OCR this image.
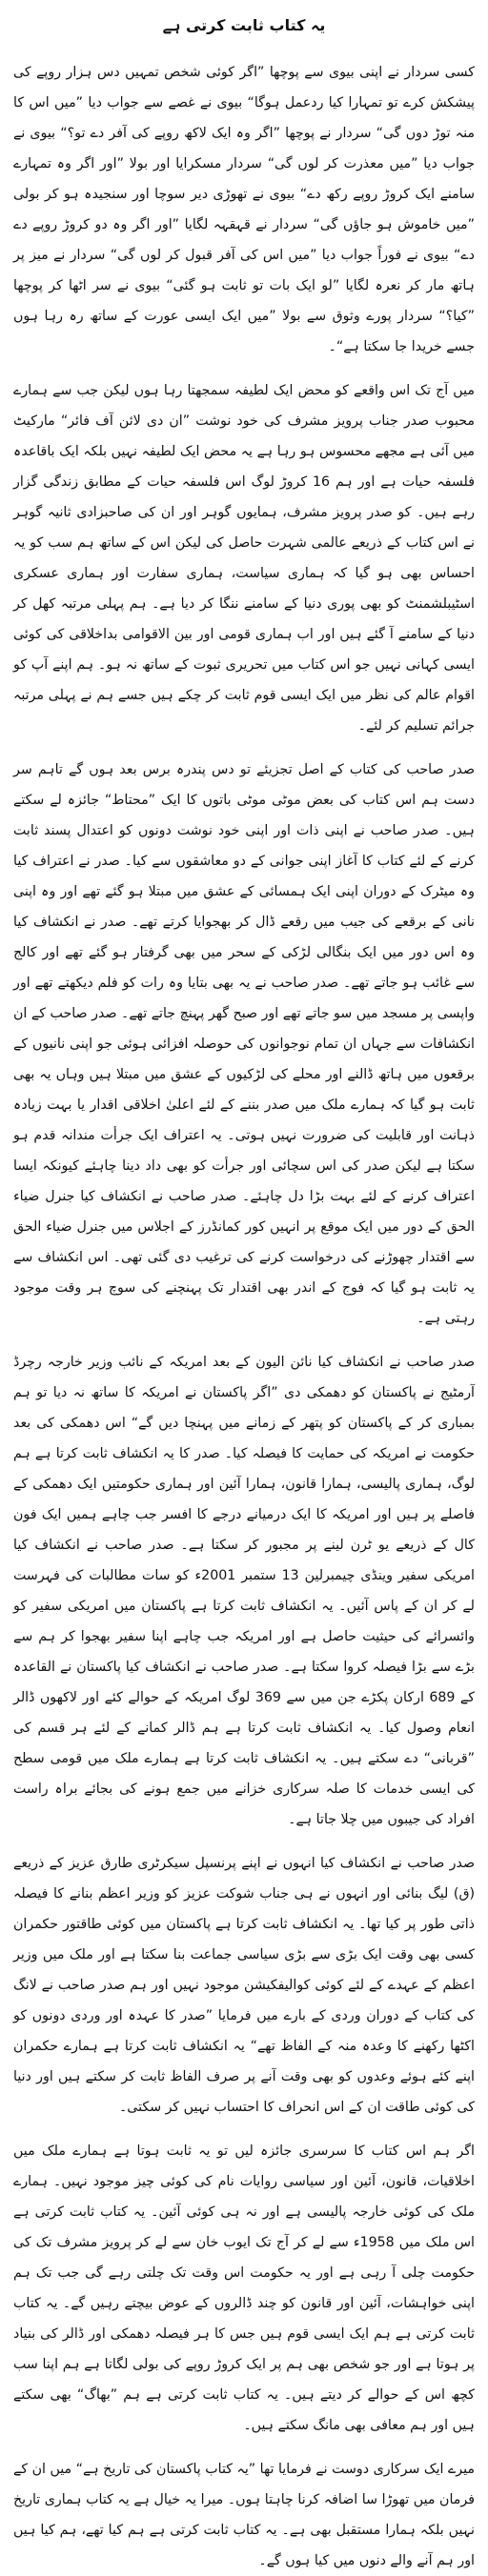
یہ کتاب ثابت کرتی ہے

کسی سردار نے اپنی بیوی سے پوچھا ”اگر کوئی شخص تمہیں دس ہزار روپے کی پیشکش کرے تو تمہارا کیا ردعمل ہوگا“ بیوی نے غصے سے جواب دیا ”میں اس کا منہ توڑ دوں گی“ سردار نے پوچھا ”اگر وہ ایک لاکھ روپے کی آفر دے تو؟“ بیوی نے جواب دیا ”میں معذرت کر لوں گی“ سردار مسکرایا اور بولا ”اور اگر وہ تمہارے سامنے ایک کروڑ روپے رکھ دے“ بیوی نے تھوڑی دیر سوچا اور سنجیدہ ہو کر بولی ”میں خاموش ہو جاؤں گی“ سردار نے قہقہہ لگایا ”اور اگر وہ دو کروڑ روپے دے دے“ بیوی نے فوراً جواب دیا ”میں اس کی آفر قبول کر لوں گی“ سردار نے میز پر ہاتھ مار کر نعرہ لگایا ”لو ایک بات تو ثابت ہو گئی“ بیوی نے سر اٹھا کر پوچھا ”کیا؟“ سردار پورے وثوق سے بولا ”میں ایک ایسی عورت کے ساتھ رہ رہا ہوں جسے خریدا جا سکتا ہے“۔

میں آج تک اس واقعے کو محض ایک لطیفہ سمجھتا رہا ہوں لیکن جب سے ہمارے محبوب صدر جناب پرویز مشرف کی خود نوشت ”ان دی لائن آف فائر“ مارکیٹ میں آئی ہے مجھے محسوس ہو رہا ہے یہ محض ایک لطیفہ نہیں بلکہ ایک باقاعدہ فلسفہ حیات ہے اور ہم 16 کروڑ لوگ اس فلسفہ حیات کے مطابق زندگی گزار رہے ہیں۔ کو صدر پرویز مشرف، ہمایوں گوہر اور ان کی صاحبزادی ثانیہ گوہر نے اس کتاب کے ذریعے عالمی شہرت حاصل کی لیکن اس کے ساتھ ہم سب کو یہ احساس بھی ہو گیا کہ ہماری سیاست، ہماری سفارت اور ہماری عسکری اسٹیبلشمنٹ کو بھی پوری دنیا کے سامنے ننگا کر دیا ہے۔ ہم پہلی مرتبہ کھل کر دنیا کے سامنے آ گئے ہیں اور اب ہماری قومی اور بین الاقوامی بداخلاقی کی کوئی ایسی کہانی نہیں جو اس کتاب میں تحریری ثبوت کے ساتھ نہ ہو۔ ہم اپنے آپ کو اقوام عالم کی نظر میں ایک ایسی قوم ثابت کر چکے ہیں جسے ہم نے پہلی مرتبہ جرائم تسلیم کر لئے۔

صدر صاحب کی کتاب کے اصل تجزیئے تو دس پندرہ برس بعد ہوں گے تاہم سر دست ہم اس کتاب کی بعض موٹی موٹی باتوں کا ایک ”محتاط“ جائزہ لے سکتے ہیں۔ صدر صاحب نے اپنی ذات اور اپنی خود نوشت دونوں کو اعتدال پسند ثابت کرنے کے لئے کتاب کا آغاز اپنی جوانی کے دو معاشقوں سے کیا۔ صدر نے اعتراف کیا وہ میٹرک کے دوران اپنی ایک ہمسائی کے عشق میں مبتلا ہو گئے تھے اور وہ اپنی نانی کے برقعے کی جیب میں رقعے ڈال کر بھجوایا کرتے تھے۔ صدر نے انکشاف کیا وہ اس دور میں ایک بنگالی لڑکی کے سحر میں بھی گرفتار ہو گئے تھے اور کالج سے غائب ہو جاتے تھے۔ صدر صاحب نے یہ بھی بتایا وہ رات کو فلم دیکھتے تھے اور واپسی پر مسجد میں سو جاتے تھے اور صبح گھر پہنچ جاتے تھے۔ صدر صاحب کے ان انکشافات سے جہاں ان تمام نوجوانوں کی حوصلہ افزائی ہوئی جو اپنی نانیوں کے برقعوں میں ہاتھ ڈالنے اور محلے کی لڑکیوں کے عشق میں مبتلا ہیں وہاں یہ بھی ثابت ہو گیا کہ ہمارے ملک میں صدر بننے کے لئے اعلیٰ اخلاقی اقدار یا بہت زیادہ ذہانت اور قابلیت کی ضرورت نہیں ہوتی۔ یہ اعتراف ایک جرأت مندانہ قدم ہو سکتا ہے لیکن صدر کی اس سچائی اور جرأت کو بھی داد دینا چاہئے کیونکہ ایسا اعتراف کرنے کے لئے بہت بڑا دل چاہئے۔ صدر صاحب نے انکشاف کیا جنرل ضیاء الحق کے دور میں ایک موقع پر انہیں کور کمانڈرز کے اجلاس میں جنرل ضیاء الحق سے اقتدار چھوڑنے کی درخواست کرنے کی ترغیب دی گئی تھی۔ اس انکشاف سے یہ ثابت ہو گیا کہ فوج کے اندر بھی اقتدار تک پہنچنے کی سوچ ہر وقت موجود رہتی ہے۔

صدر صاحب نے انکشاف کیا نائن الیون کے بعد امریکہ کے نائب وزیر خارجہ رچرڈ آرمٹیج نے پاکستان کو دھمکی دی ”اگر پاکستان نے امریکہ کا ساتھ نہ دیا تو ہم بمباری کر کے پاکستان کو پتھر کے زمانے میں پہنچا دیں گے“ اس دھمکی کی بعد حکومت نے امریکہ کی حمایت کا فیصلہ کیا۔ صدر کا یہ انکشاف ثابت کرتا ہے ہم لوگ، ہماری پالیسی، ہمارا قانون، ہمارا آئین اور ہماری حکومتیں ایک دھمکی کے فاصلے پر ہیں اور امریکہ کا ایک درمیانے درجے کا افسر جب چاہے ہمیں ایک فون کال کے ذریعے یو ٹرن لینے پر مجبور کر سکتا ہے۔ صدر صاحب نے انکشاف کیا امریکی سفیر وینڈی چیمبرلین 13 ستمبر 2001ء کو سات مطالبات کی فہرست لے کر ان کے پاس آئیں۔ یہ انکشاف ثابت کرتا ہے پاکستان میں امریکی سفیر کو وائسرائے کی حیثیت حاصل ہے اور امریکہ جب چاہے اپنا سفیر بھجوا کر ہم سے بڑے سے بڑا فیصلہ کروا سکتا ہے۔ صدر صاحب نے انکشاف کیا پاکستان نے القاعدہ کے 689 ارکان پکڑے جن میں سے 369 لوگ امریکہ کے حوالے کئے اور لاکھوں ڈالر انعام وصول کیا۔ یہ انکشاف ثابت کرتا ہے ہم ڈالر کمانے کے لئے ہر قسم کی ”قربانی“ دے سکتے ہیں۔ یہ انکشاف ثابت کرتا ہے ہمارے ملک میں قومی سطح کی ایسی خدمات کا صلہ سرکاری خزانے میں جمع ہونے کی بجائے براہ راست افراد کی جیبوں میں چلا جاتا ہے۔

صدر صاحب نے انکشاف کیا انہوں نے اپنے پرنسپل سیکرٹری طارق عزیز کے ذریعے (ق) لیگ بنائی اور انہوں نے ہی جناب شوکت عزیز کو وزیر اعظم بنانے کا فیصلہ ذاتی طور پر کیا تھا۔ یہ انکشاف ثابت کرتا ہے پاکستان میں کوئی طاقتور حکمران کسی بھی وقت ایک بڑی سے بڑی سیاسی جماعت بنا سکتا ہے اور ملک میں وزیر اعظم کے عہدے کے لئے کوئی کوالیفکیشن موجود نہیں اور ہم صدر صاحب نے لانگ کی کتاب کے دوران وردی کے بارے میں فرمایا ”صدر کا عہدہ اور وردی دونوں کو اکٹھا رکھنے کا وعدہ منہ کے الفاظ تھے“ یہ انکشاف ثابت کرتا ہے ہمارے حکمران اپنے کئے ہوئے وعدوں کو بھی وقت آنے پر صرف الفاظ ثابت کر سکتے ہیں اور دنیا کی کوئی طاقت ان کے اس انحراف کا احتساب نہیں کر سکتی۔

اگر ہم اس کتاب کا سرسری جائزہ لیں تو یہ ثابت ہوتا ہے ہمارے ملک میں اخلاقیات، قانون، آئین اور سیاسی روایات نام کی کوئی چیز موجود نہیں۔ ہمارے ملک کی کوئی خارجہ پالیسی ہے اور نہ ہی کوئی آئین۔ یہ کتاب ثابت کرتی ہے اس ملک میں 1958ء سے لے کر آج تک ایوب خان سے لے کر پرویز مشرف تک کی حکومت چلی آ رہی ہے اور یہ حکومت اس وقت تک چلتی رہے گی جب تک ہم اپنی خواہشات، آئین اور قانون کو چند ڈالروں کے عوض بیچتے رہیں گے۔ یہ کتاب ثابت کرتی ہے ہم ایک ایسی قوم ہیں جس کا ہر فیصلہ دھمکی اور ڈالر کی بنیاد پر ہوتا ہے اور جو شخص بھی ہم پر ایک کروڑ روپے کی بولی لگاتا ہے ہم اپنا سب کچھ اس کے حوالے کر دیتے ہیں۔ یہ کتاب ثابت کرتی ہے ہم ”بھاگ“ بھی سکتے ہیں اور ہم معافی بھی مانگ سکتے ہیں۔

میرے ایک سرکاری دوست نے فرمایا تھا ”یہ کتاب پاکستان کی تاریخ ہے“ میں ان کے فرمان میں تھوڑا سا اضافہ کرنا چاہتا ہوں۔ میرا یہ خیال ہے یہ کتاب ہماری تاریخ نہیں بلکہ ہمارا مستقبل بھی ہے۔ یہ کتاب ثابت کرتی ہے ہم کیا تھے، ہم کیا ہیں اور ہم آنے والے دنوں میں کیا ہوں گے۔
